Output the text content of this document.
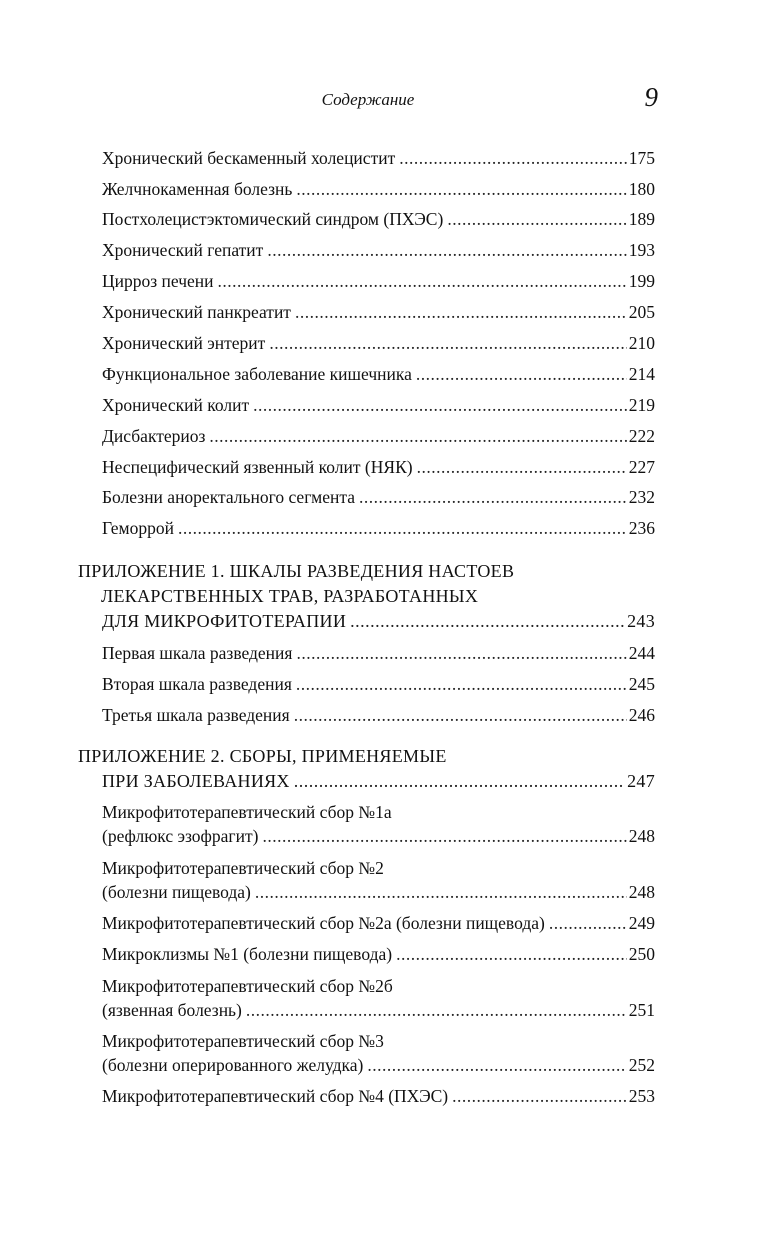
Содержание	9
Хронический бескаменный холецистит .....	175
Желчнокаменная болезнь .....	180
Постхолецистэктомический синдром (ПХЭС) .....	189
Хронический гепатит .....	193
Цирроз печени .....	199
Хронический панкреатит .....	205
Хронический энтерит .....	210
Функциональное заболевание кишечника .....	214
Хронический колит .....	219
Дисбактериоз .....	222
Неспецифический язвенный колит (НЯК) .....	227
Болезни аноректального сегмента .....	232
Геморрой .....	236
ПРИЛОЖЕНИЕ 1. ШКАЛЫ РАЗВЕДЕНИЯ НАСТОЕВ
ЛЕКАРСТВЕННЫХ ТРАВ, РАЗРАБОТАННЫХ
ДЛЯ МИКРОФИТОТЕРАПИИ .....	243
Первая шкала разведения .....	244
Вторая шкала разведения .....	245
Третья шкала разведения .....	246
ПРИЛОЖЕНИЕ 2. СБОРЫ, ПРИМЕНЯЕМЫЕ
ПРИ ЗАБОЛЕВАНИЯХ .....	247
Микрофитотерапевтический сбор №1а
(рефлюкс эзофрагит) .....	248
Микрофитотерапевтический сбор №2
(болезни пищевода) .....	248
Микрофитотерапевтический сбор №2а (болезни пищевода) .....	249
Микроклизмы №1 (болезни пищевода) .....	250
Микрофитотерапевтический сбор №2б
(язвенная болезнь) .....	251
Микрофитотерапевтический сбор №3
(болезни оперированного желудка) .....	252
Микрофитотерапевтический сбор №4 (ПХЭС) .....	253
